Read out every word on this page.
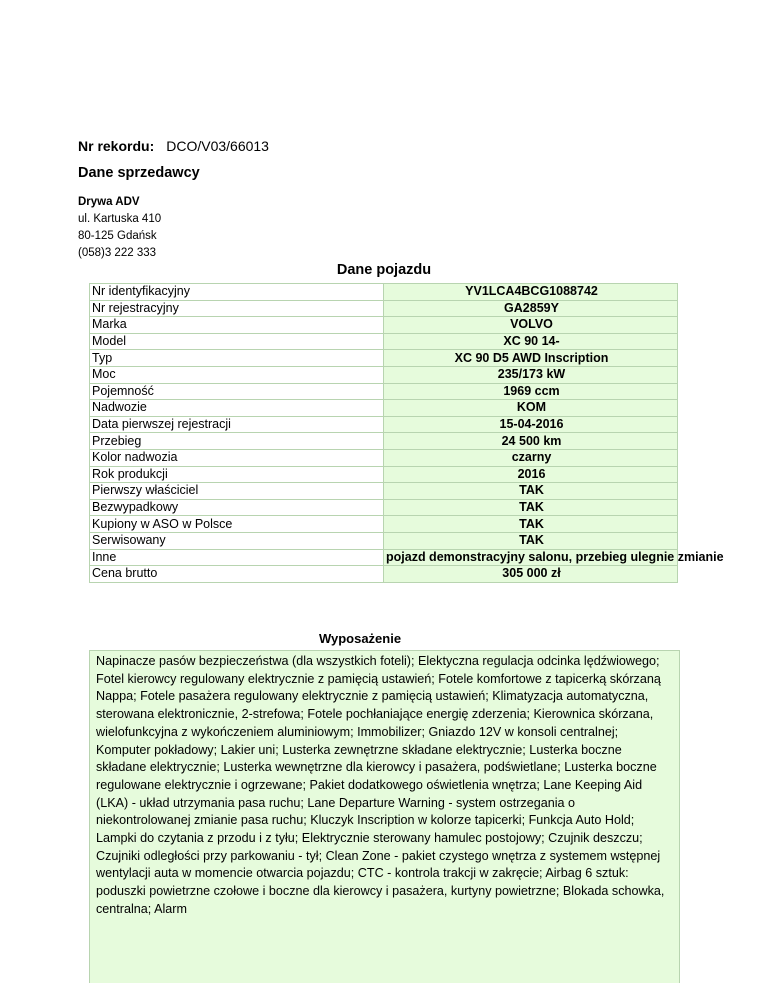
Nr rekordu: DCO/V03/66013
Dane sprzedawcy
Drywa ADV
ul. Kartuska 410
80-125 Gdańsk
(058)3 222 333
Dane pojazdu
Nr identyfikacyjny	YV1LCA4BCG1088742
Nr rejestracyjny	GA2859Y
Marka	VOLVO
Model	XC 90 14-
Typ	XC 90 D5 AWD Inscription
Moc	235/173 kW
Pojemność	1969 ccm
Nadwozie	KOM
Data pierwszej rejestracji	15-04-2016
Przebieg	24 500 km
Kolor nadwozia	czarny
Rok produkcji	2016
Pierwszy właściciel	TAK
Bezwypadkowy	TAK
Kupiony w ASO w Polsce	TAK
Serwisowany	TAK
Inne	pojazd demonstracyjny salonu, przebieg ulegnie zmianie
Cena brutto	305 000 zł
Wyposażenie
Napinacze pasów bezpieczeństwa (dla wszystkich foteli); Elektyczna regulacja odcinka lędźwiowego; Fotel kierowcy regulowany elektrycznie z pamięcią ustawień; Fotele komfortowe z tapicerką skórzaną Nappa; Fotele pasażera regulowany elektrycznie z pamięcią ustawień; Klimatyzacja automatyczna, sterowana elektronicznie, 2-strefowa; Fotele pochłaniające energię zderzenia; Kierownica skórzana, wielofunkcyjna z wykończeniem aluminiowym; Immobilizer; Gniazdo 12V w konsoli centralnej; Komputer pokładowy; Lakier uni; Lusterka zewnętrzne składane elektrycznie; Lusterka boczne składane elektrycznie; Lusterka wewnętrzne dla kierowcy i pasażera, podświetlane; Lusterka boczne regulowane elektrycznie i ogrzewane; Pakiet dodatkowego oświetlenia wnętrza; Lane Keeping Aid (LKA) - układ utrzymania pasa ruchu; Lane Departure Warning - system ostrzegania o niekontrolowanej zmianie pasa ruchu; Kluczyk Inscription w kolorze tapicerki; Funkcja Auto Hold; Lampki do czytania z przodu i z tyłu; Elektrycznie sterowany hamulec postojowy; Czujnik deszczu; Czujniki odległości przy parkowaniu - tył; Clean Zone - pakiet czystego wnętrza z systemem wstępnej wentylacji auta w momencie otwarcia pojazdu; CTC - kontrola trakcji w zakręcie; Airbag 6 sztuk: poduszki powietrzne czołowe i boczne dla kierowcy i pasażera, kurtyny powietrzne; Blokada schowka, centralna; Alarm
